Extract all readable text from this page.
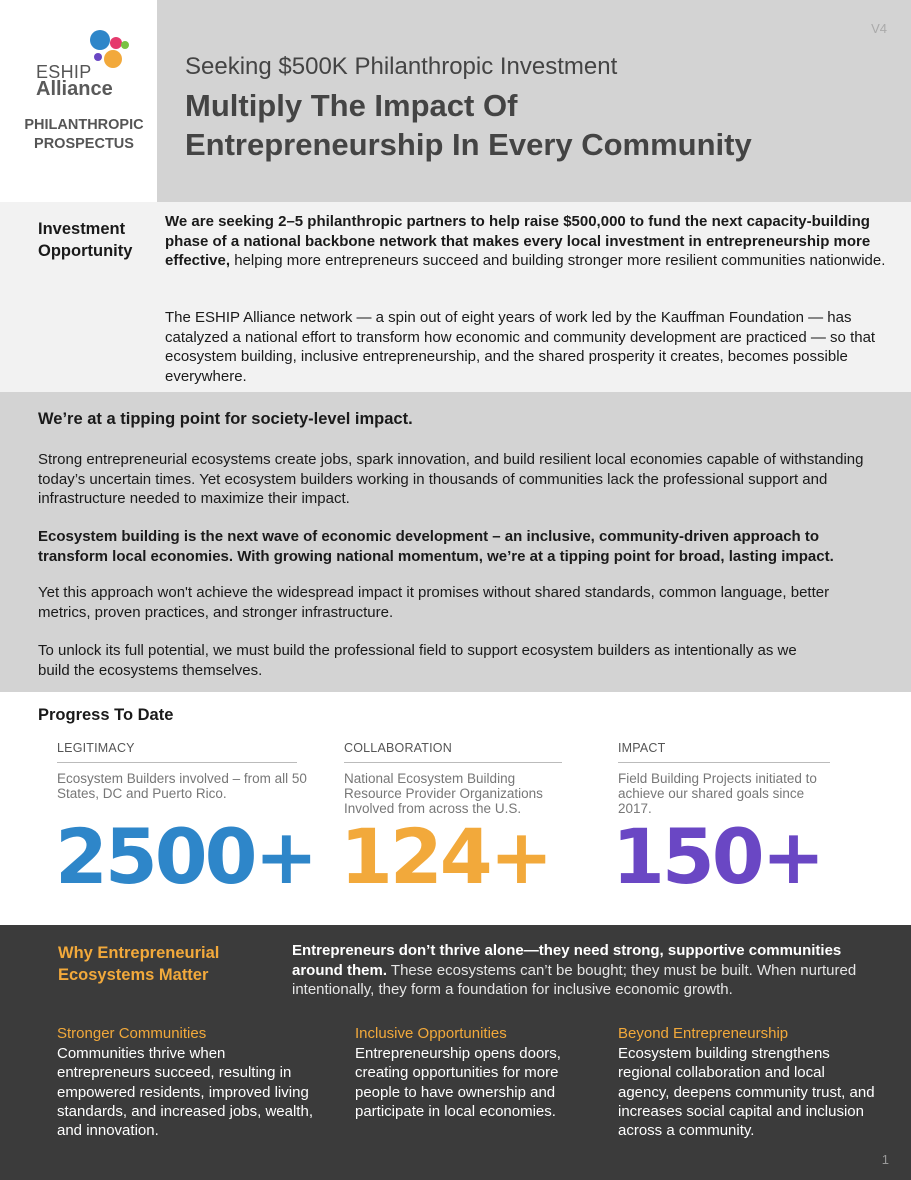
ESHIP
Alliance
PHILANTHROPIC
PROSPECTUS
V4
Seeking $500K Philanthropic Investment
Multiply The Impact Of
Entrepreneurship In Every Community
Investment
Opportunity

We are seeking 2–5 philanthropic partners to help raise $500,000 to fund the next capacity-building phase of a national backbone network that makes every local investment in entrepreneurship more effective, helping more entrepreneurs succeed and building stronger more resilient communities nationwide.

The ESHIP Alliance network — a spin out of eight years of work led by the Kauffman Foundation — has catalyzed a national effort to transform how economic and community development are practiced — so that ecosystem building, inclusive entrepreneurship, and the shared prosperity it creates, becomes possible everywhere.

We’re at a tipping point for society-level impact.

Strong entrepreneurial ecosystems create jobs, spark innovation, and build resilient local economies capable of withstanding today’s uncertain times. Yet ecosystem builders working in thousands of communities lack the professional support and infrastructure needed to maximize their impact.

Ecosystem building is the next wave of economic development – an inclusive, community-driven approach to transform local economies. With growing national momentum, we’re at a tipping point for broad, lasting impact.

Yet this approach won't achieve the widespread impact it promises without shared standards, common language, better metrics, proven practices, and stronger infrastructure.

To unlock its full potential, we must build the professional field to support ecosystem builders as intentionally as we build the ecosystems themselves.

Progress To Date
LEGITIMACY
Ecosystem Builders involved – from all 50 States, DC and Puerto Rico.
2500+
COLLABORATION
National Ecosystem Building Resource Provider Organizations Involved from across the U.S.
124+
IMPACT
Field Building Projects initiated to achieve our shared goals since 2017.
150+
Why Entrepreneurial Ecosystems Matter

Entrepreneurs don’t thrive alone—they need strong, supportive communities around them. These ecosystems can’t be bought; they must be built. When nurtured intentionally, they form a foundation for inclusive economic growth.

Stronger Communities

Communities thrive when entrepreneurs succeed, resulting in empowered residents, improved living standards, and increased jobs, wealth, and innovation.

Inclusive Opportunities

Entrepreneurship opens doors, creating opportunities for more people to have ownership and participate in local economies.

Beyond Entrepreneurship

Ecosystem building strengthens regional collaboration and local agency, deepens community trust, and increases social capital and inclusion across a community.

1
